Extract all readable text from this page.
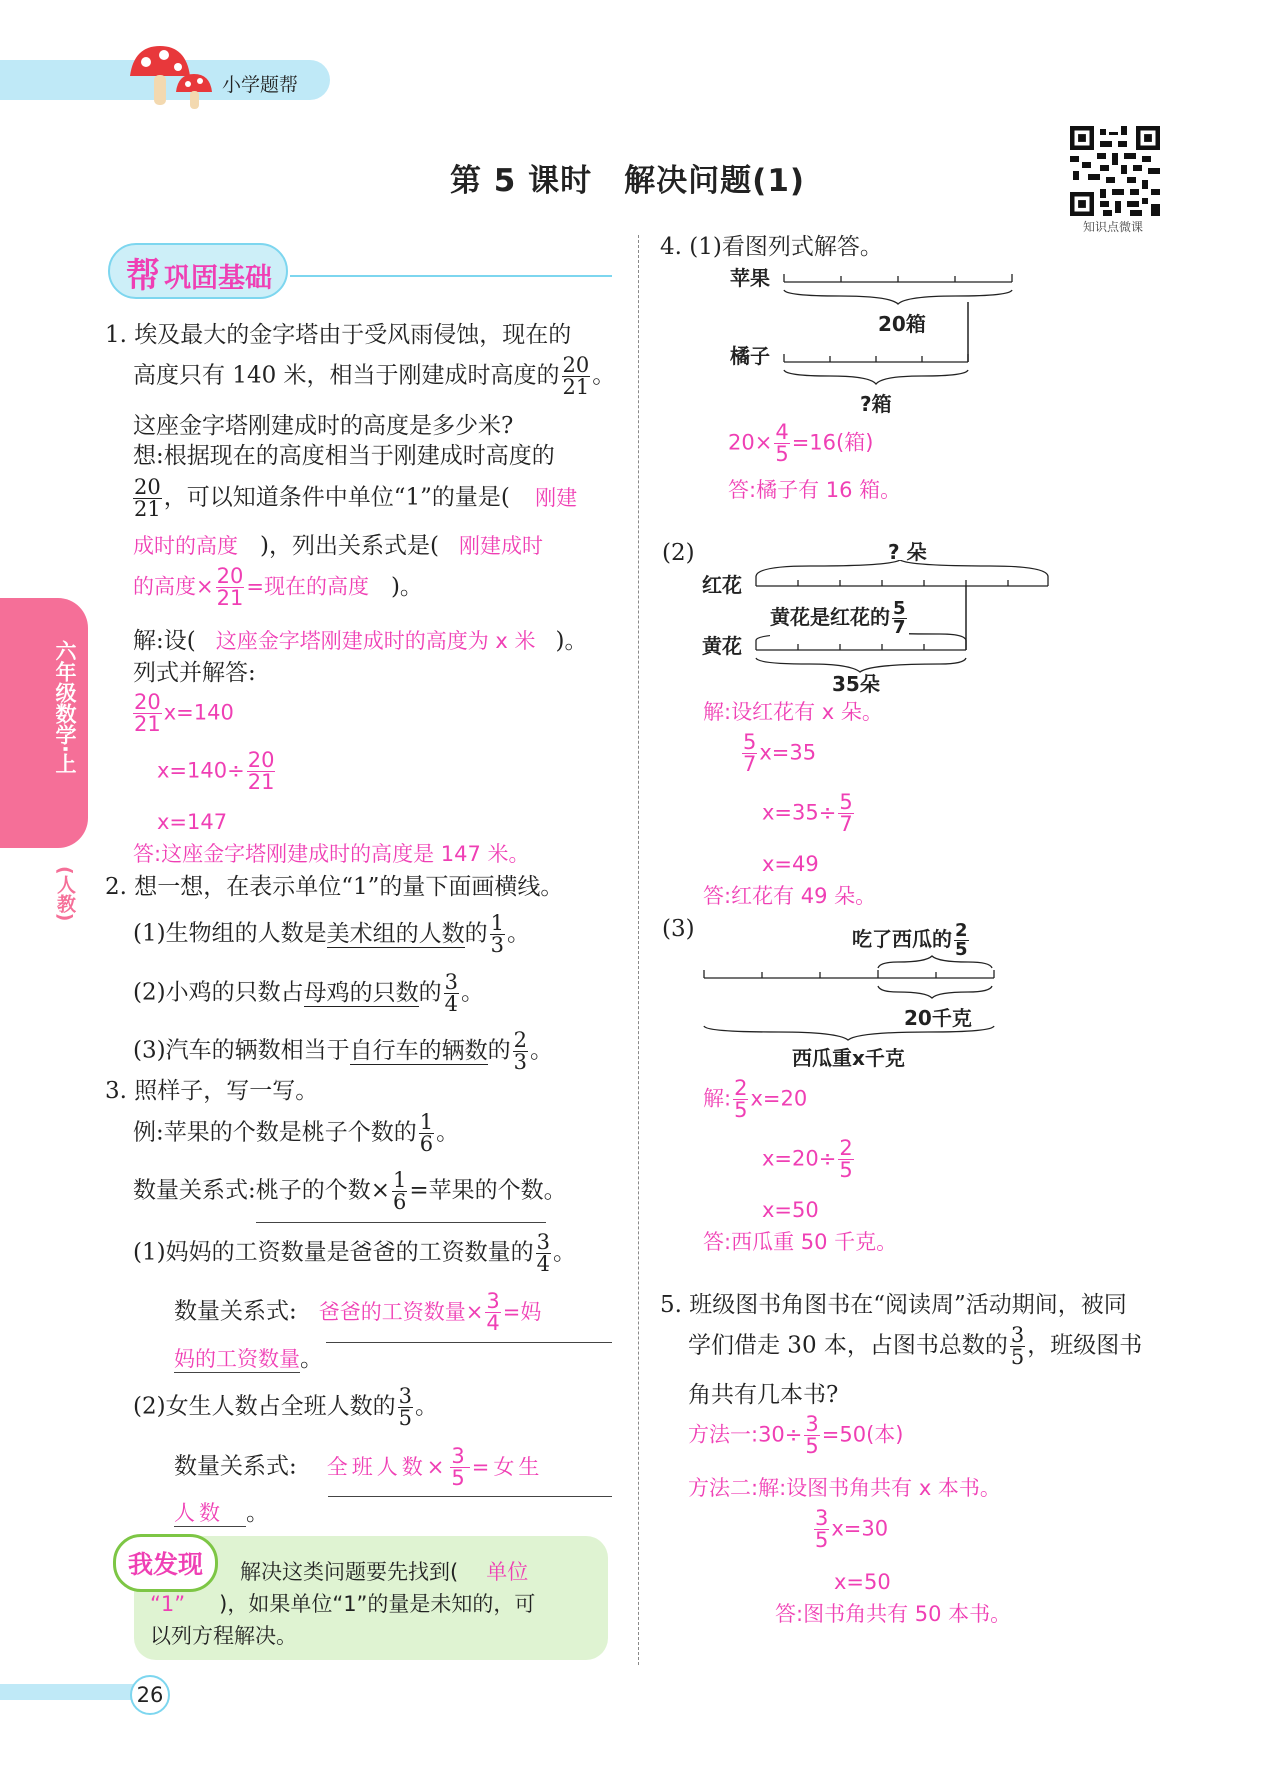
小学题帮
第 5 课时　解决问题(1)
知识点微课
六年级数学·上
(人教)
帮 巩固基础
1. 埃及最大的金字塔由于受风雨侵蚀，现在的
高度只有 140 米，相当于刚建成时高度的 $\frac{20}{21}$ 。
这座金字塔刚建成时的高度是多少米?
想:根据现在的高度相当于刚建成时高度的
$\frac{20}{21}$ ，可以知道条件中单位“1”的量是( 刚建
成时的高度 )，列出关系式是( 刚建成时
的高度× $\frac{20}{21}$ =现在的高度 )。
解:设( 这座金字塔刚建成时的高度为 x 米 )。
列式并解答:
$\frac{20}{21} x=140$
$x=140\div \frac{20}{21}$
x=147
答:这座金字塔刚建成时的高度是 147 米。
2. 想一想，在表示单位“1”的量下面画横线。
(1)生物组的人数是美术组的人数的 $\frac{1}{3}$ 。
(2)小鸡的只数占母鸡的只数的 $\frac{3}{4}$ 。
(3)汽车的辆数相当于自行车的辆数的 $\frac{2}{3}$ 。
3. 照样子，写一写。
例:苹果的个数是桃子个数的 $\frac{1}{6}$ 。
数量关系式:桃子的个数× $\frac{1}{6}$ =苹果的个数。
(1)妈妈的工资数量是爸爸的工资数量的 $\frac{3}{4}$ 。
数量关系式: 爸爸的工资数量× $\frac{3}{4}$ =妈
妈的工资数量。
(2)女生人数占全班人数的 $\frac{3}{5}$ 。
数量关系式: 全班人数× $\frac{3}{5}$ =女生
人数 。
我发现	解决这类问题要先找到( 单位
“1” )，如果单位“1”的量是未知的，可
以列方程解决。
26
4. (1)看图列式解答。
苹果
20箱
橘子
?箱
$20\times \frac{4}{5} =16$(箱)
答:橘子有 16 箱。
(2)	? 朵
红花
黄花是红花的 $\frac{5}{7}$
黄花
35朵
解:设红花有 x 朵。
$\frac{5}{7} x=35$
$x=35\div \frac{5}{7}$
x=49
答:红花有 49 朵。
(3)	吃了西瓜的 $\frac{2}{5}$
20千克
西瓜重x千克
解: $\frac{2}{5} x=20$
$x=20\div \frac{2}{5}$
x=50
答:西瓜重 50 千克。
5. 班级图书角图书在“阅读周”活动期间，被同
学们借走 30 本，占图书总数的 $\frac{3}{5}$ ，班级图书
角共有几本书?
方法一:30÷ $\frac{3}{5} =50$(本)
方法二:解:设图书角共有 x 本书。
$\frac{3}{5} x=30$
x=50
答:图书角共有 50 本书。
